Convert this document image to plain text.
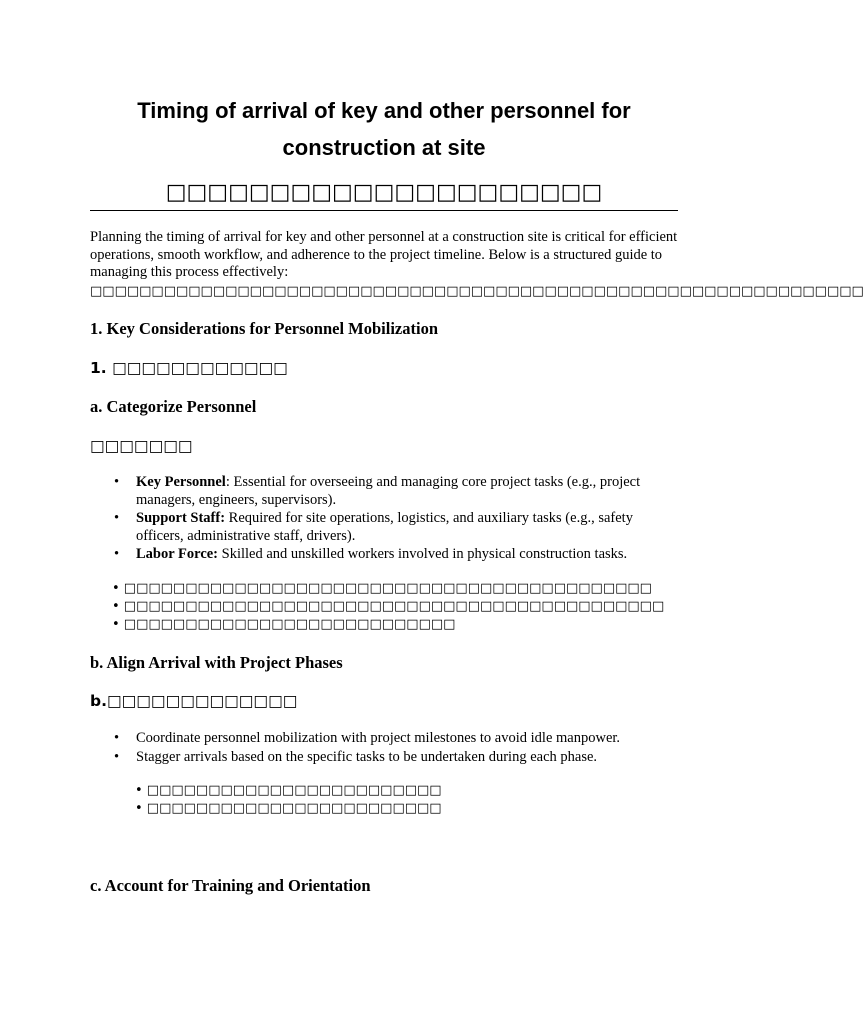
Timing of arrival of key and other personnel for construction at site
□□□□□□□□□□□□□□□□□□□□□
Planning the timing of arrival for key and other personnel at a construction site is critical for efficient operations, smooth workflow, and adherence to the project timeline. Below is a structured guide to managing this process effectively:
□□□□□□□□□□□□□□□□□□□□□□□□□□□□□□□□□□□□□□□□□□□□□□□□□□□□□□□□□□□□□□□
1. Key Considerations for Personnel Mobilization
1. □□□□□□□□□□□□
a. Categorize Personnel
□□□□□□□
• Key Personnel: Essential for overseeing and managing core project tasks (e.g., project managers, engineers, supervisors).
• Support Staff: Required for site operations, logistics, and auxiliary tasks (e.g., safety officers, administrative staff, drivers).
• Labor Force: Skilled and unskilled workers involved in physical construction tasks.
• □□□□□□□□□□□□□□□□□□□□□□□□□□□□□□□□□□□□□□□□□□□
• □□□□□□□□□□□□□□□□□□□□□□□□□□□□□□□□□□□□□□□□□□□□
• □□□□□□□□□□□□□□□□□□□□□□□□□□□
b. Align Arrival with Project Phases
b.□□□□□□□□□□□□□
• Coordinate personnel mobilization with project milestones to avoid idle manpower.
• Stagger arrivals based on the specific tasks to be undertaken during each phase.
• □□□□□□□□□□□□□□□□□□□□□□□□
• □□□□□□□□□□□□□□□□□□□□□□□□
c. Account for Training and Orientation
